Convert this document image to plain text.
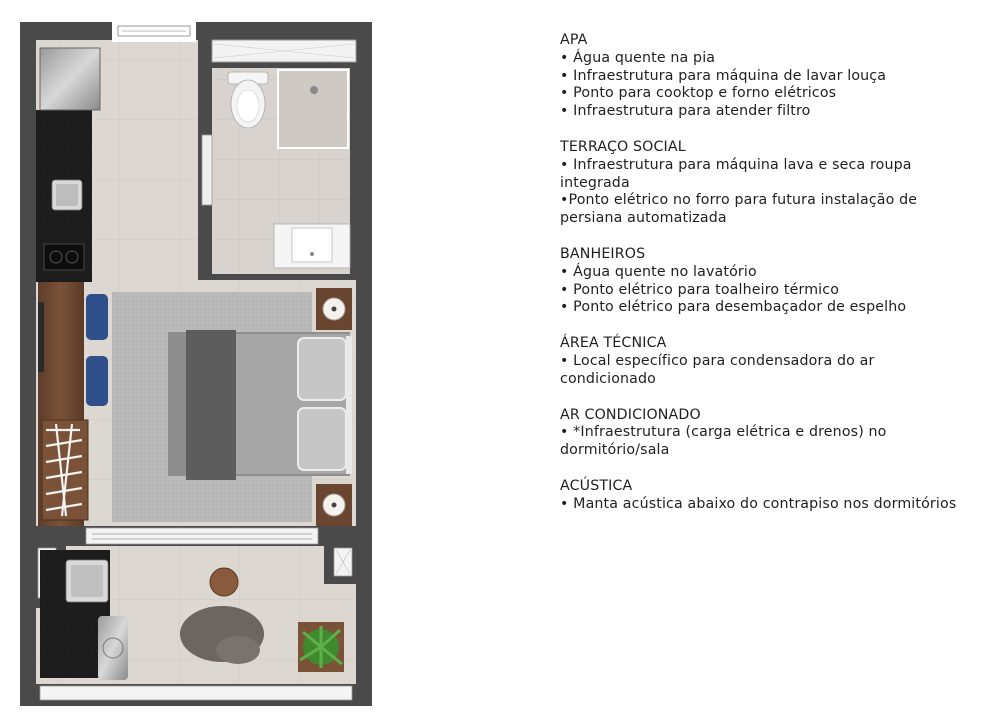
APA
• Água quente na pia
• Infraestrutura para máquina de lavar louça
• Ponto para cooktop e forno elétricos
• Infraestrutura para atender filtro
TERRAÇO SOCIAL
• Infraestrutura para máquina lava e seca roupa
integrada
•Ponto elétrico no forro para futura instalação de
persiana automatizada
BANHEIROS
• Água quente no lavatório
• Ponto elétrico para toalheiro térmico
• Ponto elétrico para desembaçador de espelho
ÁREA TÉCNICA
• Local específico para condensadora do ar
condicionado
AR CONDICIONADO
• *Infraestrutura (carga elétrica e drenos) no
dormitório/sala
ACÚSTICA
• Manta acústica abaixo do contrapiso nos dormitórios
